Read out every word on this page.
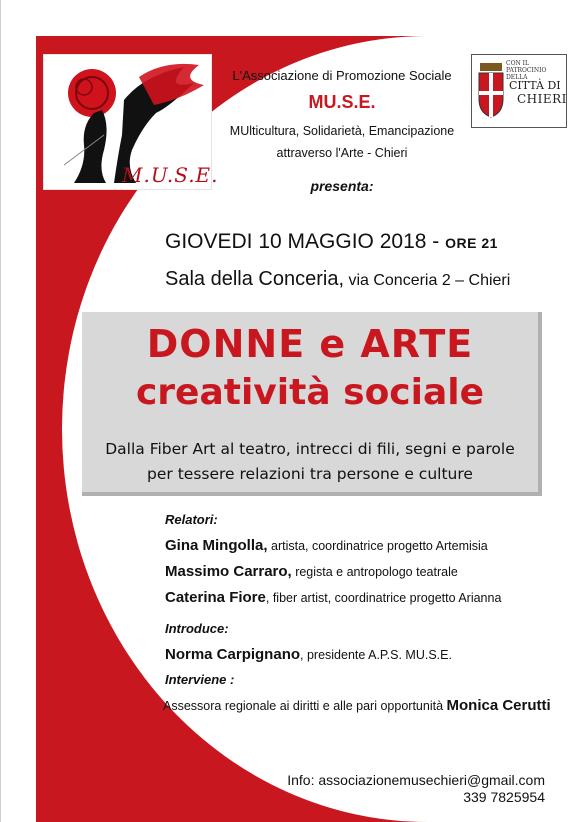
M.U.S.E.
L'Associazione di Promozione Sociale
MU.S.E.
MUlticultura, Solidarietà, Emancipazione
attraverso l'Arte - Chieri
presenta:
CON IL PATROCINIO DELLA
CITTÀ DI
CHIERI
GIOVEDI 10 MAGGIO 2018 - ORE 21
Sala della Conceria, via Conceria 2 – Chieri
DONNE e ARTE
creatività sociale
Dalla Fiber Art al teatro, intrecci di fili, segni e parole
per tessere relazioni tra persone e culture
Relatori:
Gina Mingolla, artista, coordinatrice progetto Artemisia
Massimo Carraro, regista e antropologo teatrale
Caterina Fiore, fiber artist, coordinatrice progetto Arianna
Introduce:
Norma Carpignano, presidente A.P.S. MU.S.E.
Interviene :
Assessora regionale ai diritti e alle pari opportunità Monica Cerutti
Info: associazionemusechieri@gmail.com
339 7825954
